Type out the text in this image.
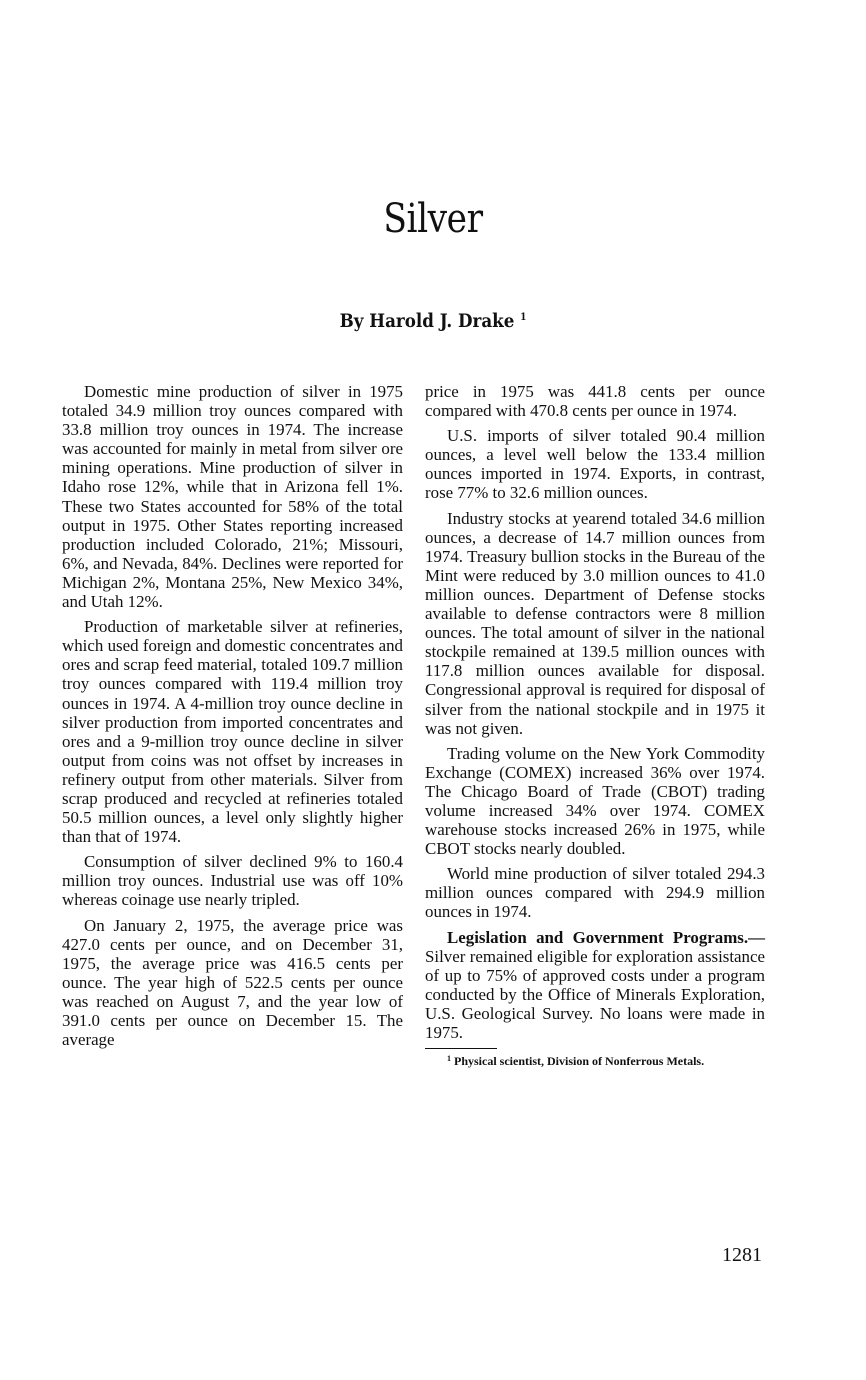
Silver
By Harold J. Drake $^1$

Domestic mine production of silver in 1975 totaled 34.9 million troy ounces compared with 33.8 million troy ounces in 1974. The increase was accounted for mainly in metal from silver ore mining operations. Mine production of silver in Idaho rose 12%, while that in Arizona fell 1%. These two States accounted for 58% of the total output in 1975. Other States reporting increased production included Colorado, 21%; Missouri, 6%, and Nevada, 84%. Declines were reported for Michigan 2%, Montana 25%, New Mexico 34%, and Utah 12%.

Production of marketable silver at refineries, which used foreign and domestic concentrates and ores and scrap feed material, totaled 109.7 million troy ounces compared with 119.4 million troy ounces in 1974. A 4-million troy ounce decline in silver production from imported concentrates and ores and a 9-million troy ounce decline in silver output from coins was not offset by increases in refinery output from other materials. Silver from scrap produced and recycled at refineries totaled 50.5 million ounces, a level only slightly higher than that of 1974.

Consumption of silver declined 9% to 160.4 million troy ounces. Industrial use was off 10% whereas coinage use nearly tripled.

On January 2, 1975, the average price was 427.0 cents per ounce, and on December 31, 1975, the average price was 416.5 cents per ounce. The year high of 522.5 cents per ounce was reached on August 7, and the year low of 391.0 cents per ounce on December 15. The average

price in 1975 was 441.8 cents per ounce compared with 470.8 cents per ounce in 1974.

U.S. imports of silver totaled 90.4 million ounces, a level well below the 133.4 million ounces imported in 1974. Exports, in contrast, rose 77% to 32.6 million ounces.

Industry stocks at yearend totaled 34.6 million ounces, a decrease of 14.7 million ounces from 1974. Treasury bullion stocks in the Bureau of the Mint were reduced by 3.0 million ounces to 41.0 million ounces. Department of Defense stocks available to defense contractors were 8 million ounces. The total amount of silver in the national stockpile remained at 139.5 million ounces with 117.8 million ounces available for disposal. Congressional approval is required for disposal of silver from the national stockpile and in 1975 it was not given.

Trading volume on the New York Commodity Exchange (COMEX) increased 36% over 1974. The Chicago Board of Trade (CBOT) trading volume increased 34% over 1974. COMEX warehouse stocks increased 26% in 1975, while CBOT stocks nearly doubled.

World mine production of silver totaled 294.3 million ounces compared with 294.9 million ounces in 1974.

Legislation and Government Programs.—Silver remained eligible for exploration assistance of up to 75% of approved costs under a program conducted by the Office of Minerals Exploration, U.S. Geological Survey. No loans were made in 1975.

$^1$ Physical scientist, Division of Nonferrous Metals.

1281
